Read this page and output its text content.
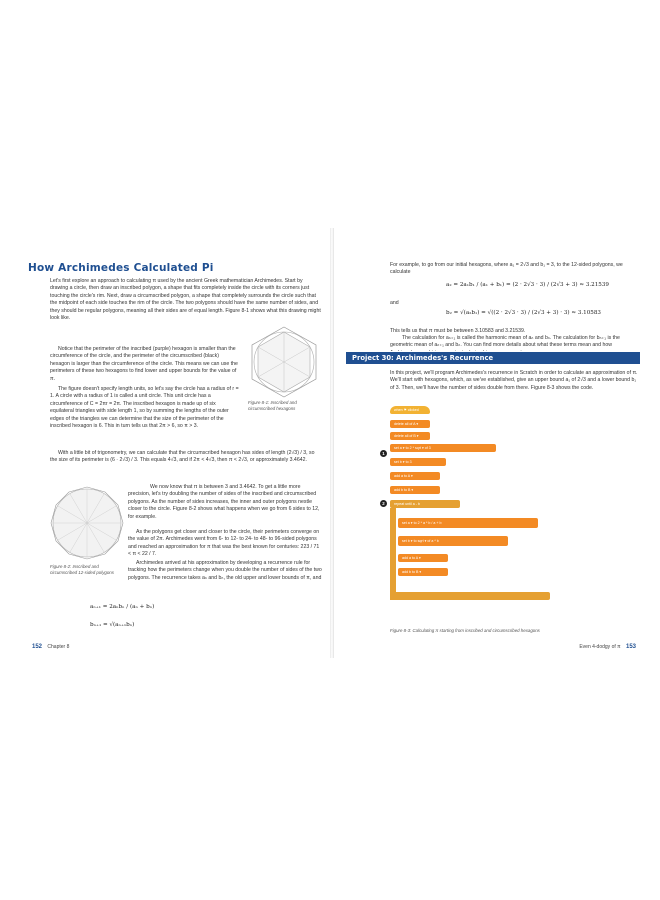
How Archimedes Calculated Pi

Let's first explore an approach to calculating π used by the ancient Greek mathematician Archimedes. Start by drawing a circle, then draw an inscribed polygon, a shape that fits completely inside the circle with its corners just touching the circle's rim. Next, draw a circumscribed polygon, a shape that completely surrounds the circle such that the midpoint of each side touches the rim of the circle. The two polygons should have the same number of sides, and they should be regular polygons, meaning all their sides are of equal length. Figure 8-1 shows what this drawing might look like.

Notice that the perimeter of the inscribed (purple) hexagon is smaller than the circumference of the circle, and the perimeter of the circumscribed (black) hexagon is larger than the circumference of the circle. This means we can use the perimeters of these two hexagons to find lower and upper bounds for the value of π.

Figure 8-1: Inscribed and circumscribed hexagons

The figure doesn't specify length units, so let's say the circle has a radius of r = 1. A circle with a radius of 1 is called a unit circle. This unit circle has a circumference of C = 2πr = 2π. The inscribed hexagon is made up of six equilateral triangles with side length 1, so by summing the lengths of the outer edges of the triangles we can determine that the size of the perimeter of the inscribed hexagon is 6. This in turn tells us that 2π > 6, so π > 3.

With a little bit of trigonometry, we can calculate that the circumscribed hexagon has sides of length (2√3) / 3, so the size of its perimeter is (6 · 2√3) / 3. This equals 4√3, and if 2π < 4√3, then π < 2√3, or approximately 3.4642.

Figure 8-2: Inscribed and circumscribed 12-sided polygons

We now know that π is between 3 and 3.4642. To get a little more precision, let's try doubling the number of sides of the inscribed and circumscribed polygons. As the number of sides increases, the inner and outer polygons nestle closer to the circle. Figure 8-2 shows what happens when we go from 6 sides to 12, for example.

As the polygons get closer and closer to the circle, their perimeters converge on the value of 2π. Archimedes went from 6- to 12- to 24- to 48- to 96-sided polygons and reached an approximation for π that was the best known for centuries: 223 / 71 < π < 22 / 7.

Archimedes arrived at his approximation by developing a recurrence rule for tracking how the perimeters change when you double the number of sides of the two polygons. The recurrence takes aₙ and bₙ, the old upper and lower bounds of π, and

aₙ₊₁ = 2aₙbₙ / (aₙ + bₙ)
bₙ₊₁ = √(aₙ₊₁bₙ)
152 Chapter 8

For example, to go from our initial hexagons, where a₁ = 2√3 and b₁ = 3, to the 12-sided polygons, we calculate

a₂ = 2a₁b₁ / (a₁ + b₁) = (2 · 2√3 · 3) / (2√3 + 3) ≈ 3.21539

and

b₂ = √(a₂b₁) = √((2 · 2√3 · 3) / (2√3 + 3) · 3) ≈ 3.10583

This tells us that π must be between 3.10583 and 3.21539.

The calculation for aₙ₊₁ is called the harmonic mean of aₙ and bₙ. The calculation for bₙ₊₁ is the geometric mean of aₙ₊₁ and bₙ. You can find more details about what these terms mean and how

Project 30: Archimedes's Recurrence

In this project, we'll program Archimedes's recurrence in Scratch in order to calculate an approximation of π. We'll start with hexagons, which, as we've established, give an upper bound a₁ of 2√3 and a lower bound b₁ of 3. Then, we'll have the number of sides double from there. Figure 8-3 shows the code.

when ⚑ clicked
delete all of A ▾
delete all of B ▾
1
set a ▾ to 2 * sqrt ▾ of 3
set b ▾ to 3
add a to A ▾
add b to B ▾
2	repeat until a - b
set a ▾ to 2 * a * b / a + b
set b ▾ to sqrt ▾ of a * b
add a to A ▾
add b to B ▾
Figure 8-3: Calculating π starting from inscribed and circumscribed hexagons
Even 4-dodgy of π 153
